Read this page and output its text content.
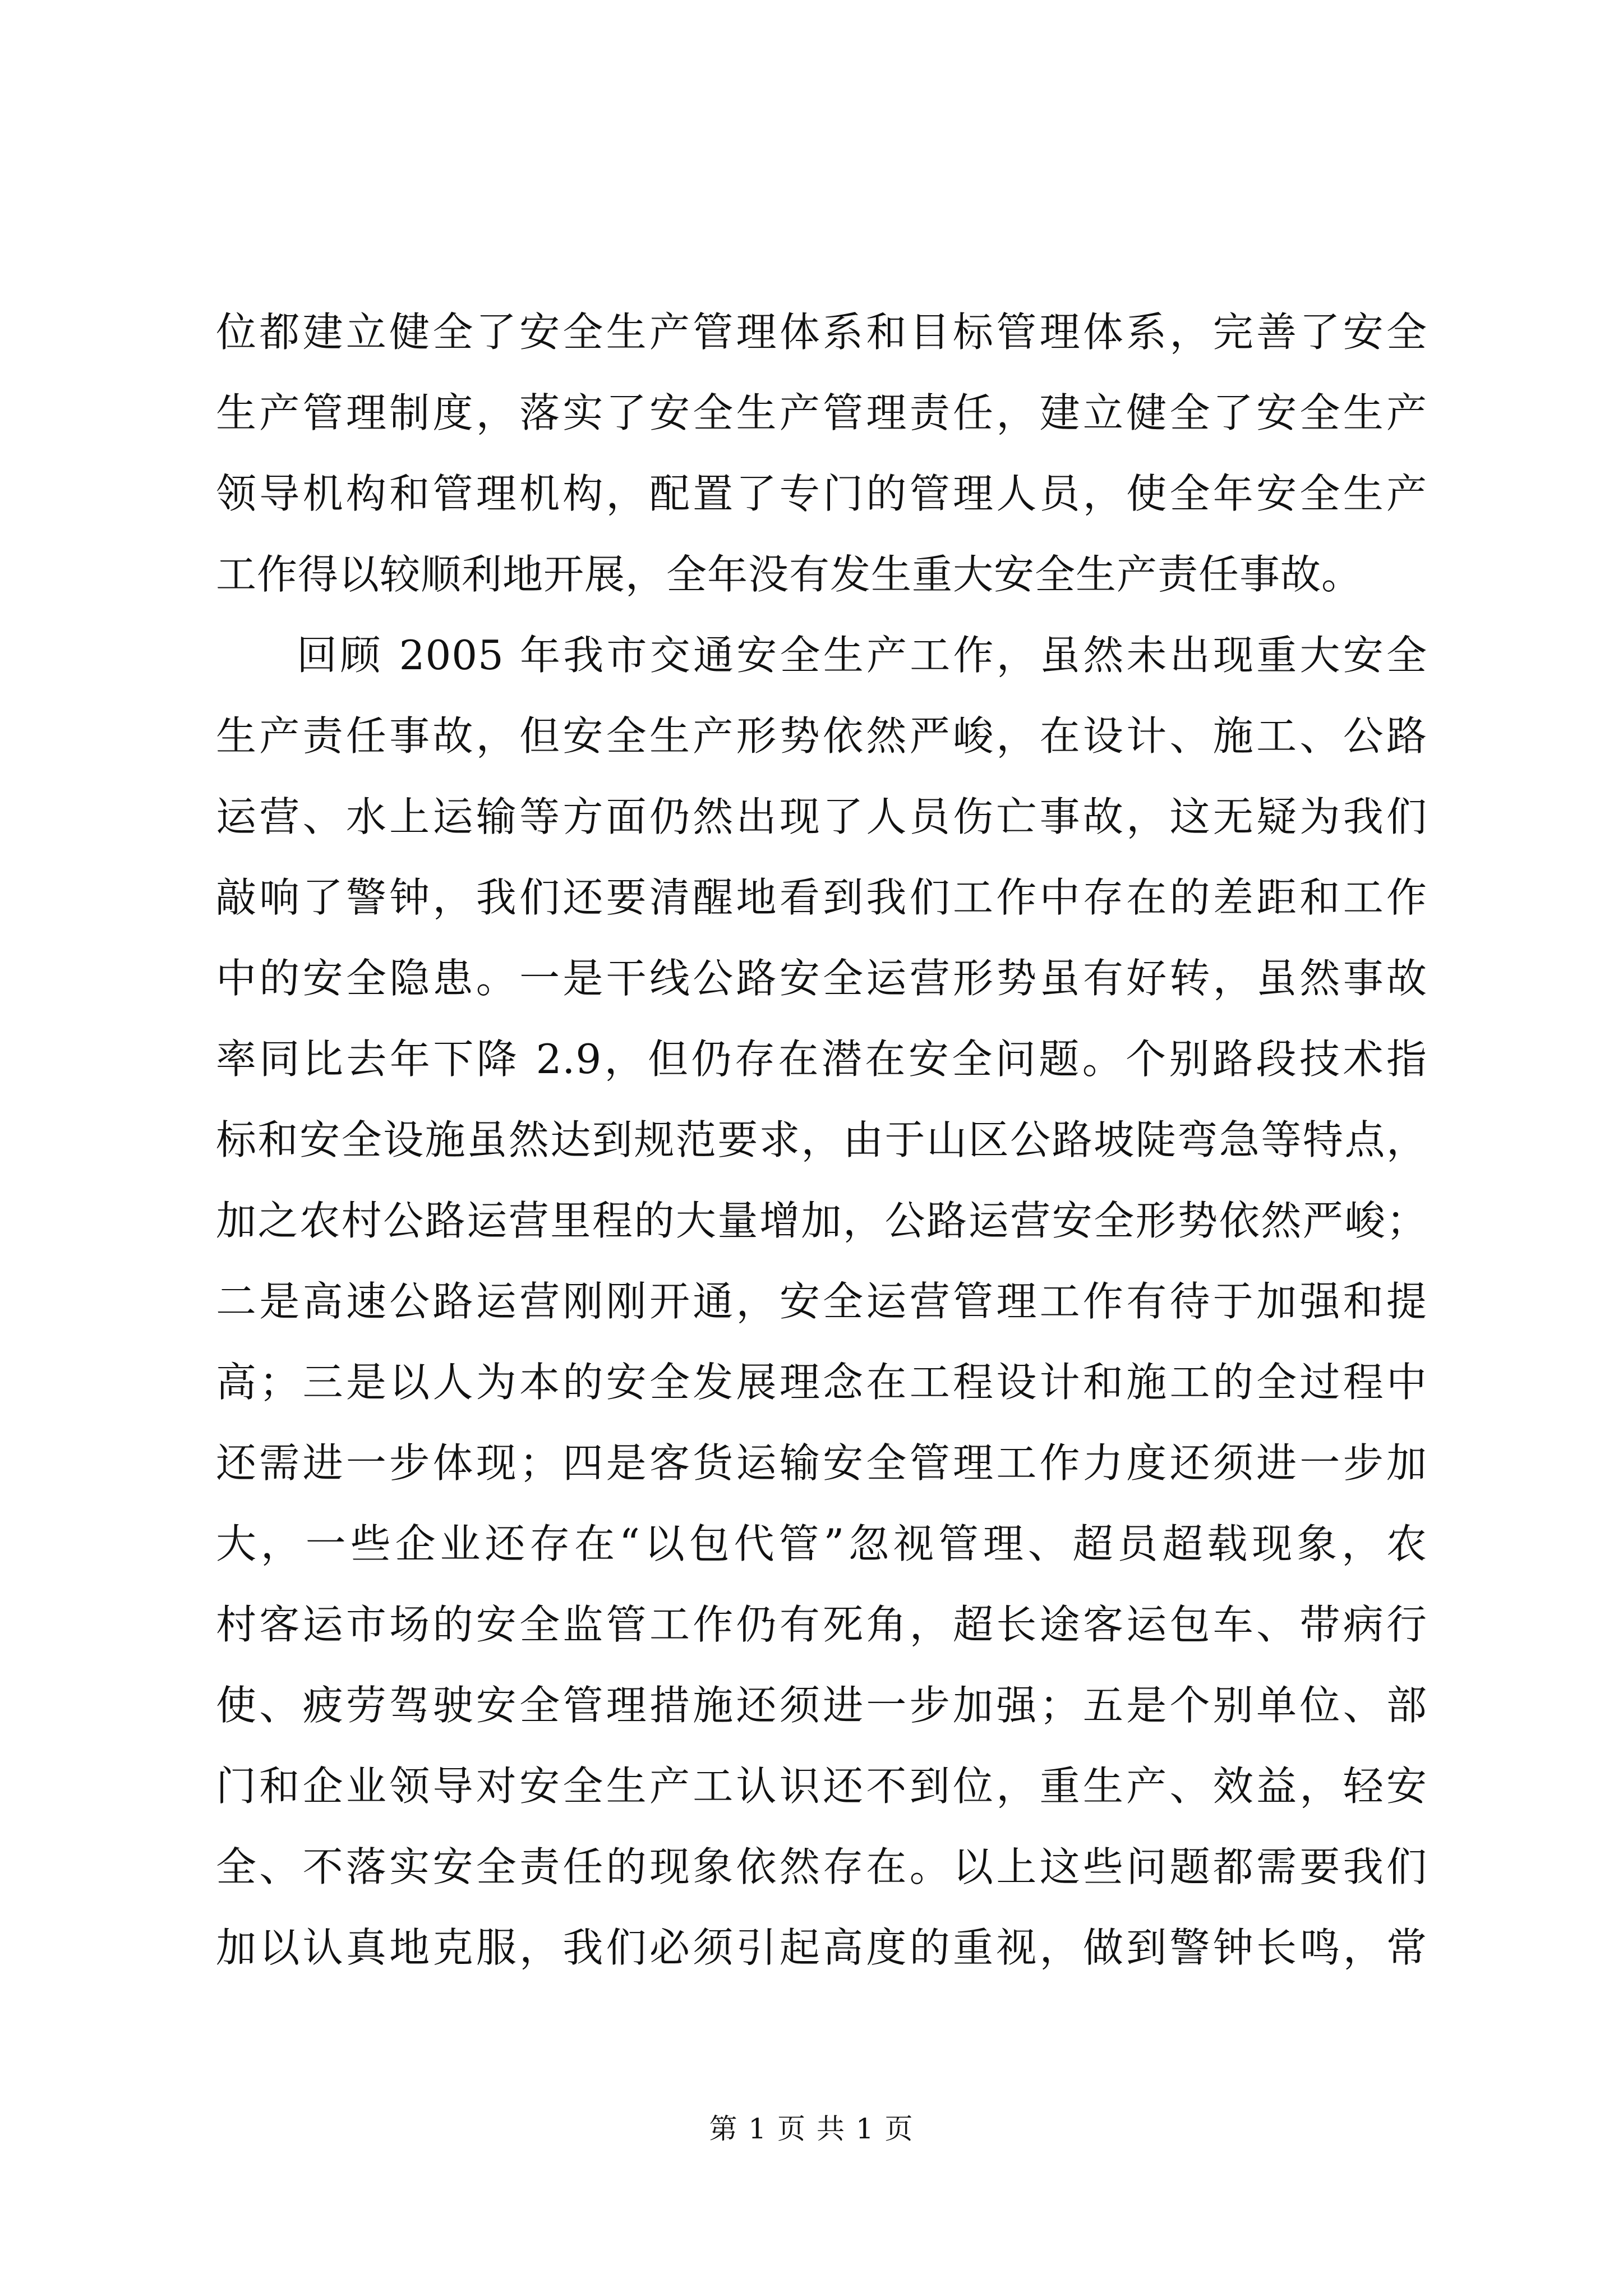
位都建立健全了安全生产管理体系和目标管理体系，完善了安全
生产管理制度，落实了安全生产管理责任，建立健全了安全生产
领导机构和管理机构，配置了专门的管理人员，使全年安全生产
工作得以较顺利地开展，全年没有发生重大安全生产责任事故。
回顾 2005 年我市交通安全生产工作，虽然未出现重大安全
生产责任事故，但安全生产形势依然严峻，在设计、施工、公路
运营、水上运输等方面仍然出现了人员伤亡事故，这无疑为我们
敲响了警钟，我们还要清醒地看到我们工作中存在的差距和工作
中的安全隐患。一是干线公路安全运营形势虽有好转，虽然事故
率同比去年下降 2.9，但仍存在潜在安全问题。个别路段技术指
标和安全设施虽然达到规范要求，由于山区公路坡陡弯急等特点，
加之农村公路运营里程的大量增加，公路运营安全形势依然严峻；
二是高速公路运营刚刚开通，安全运营管理工作有待于加强和提
高；三是以人为本的安全发展理念在工程设计和施工的全过程中
还需进一步体现；四是客货运输安全管理工作力度还须进一步加
大，一些企业还存在“以包代管”忽视管理、超员超载现象，农
村客运市场的安全监管工作仍有死角，超长途客运包车、带病行
使、疲劳驾驶安全管理措施还须进一步加强；五是个别单位、部
门和企业领导对安全生产工认识还不到位，重生产、效益，轻安
全、不落实安全责任的现象依然存在。以上这些问题都需要我们
加以认真地克服，我们必须引起高度的重视，做到警钟长鸣，常
第 1 页 共 1 页
